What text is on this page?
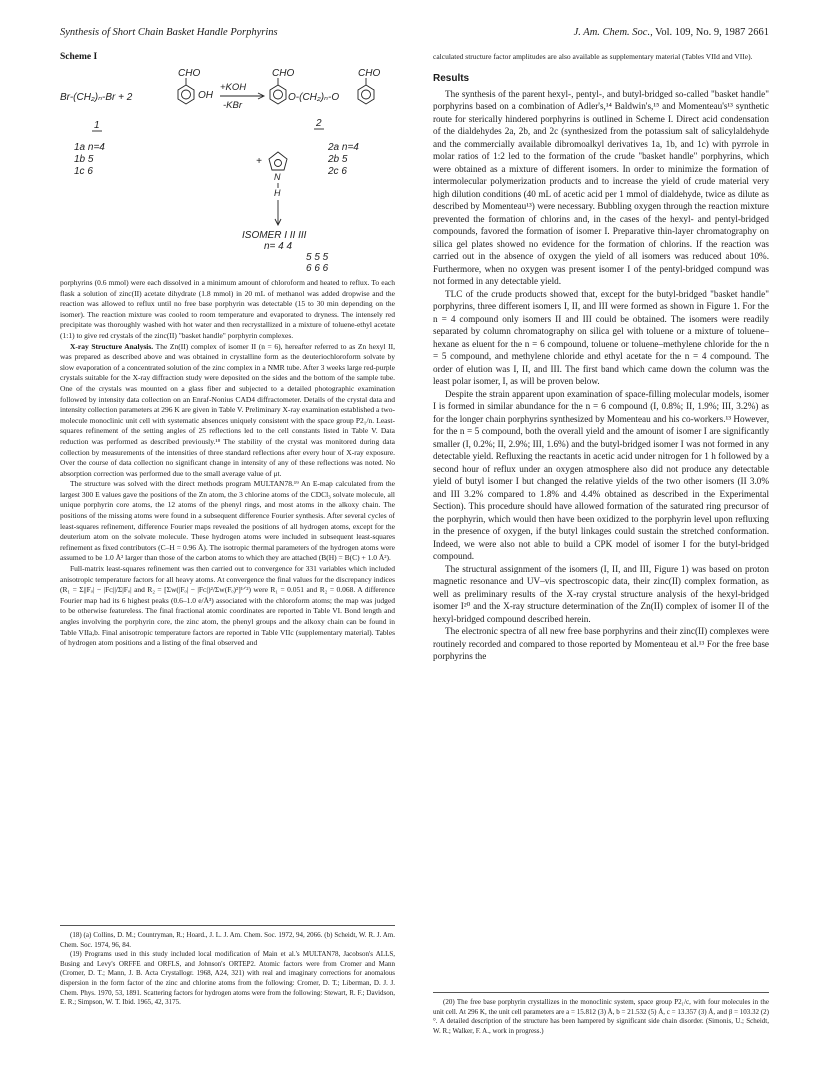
Synthesis of Short Chain Basket Handle Porphyrins	J. Am. Chem. Soc., Vol. 109, No. 9, 1987 2661
Scheme I
CHO	CHO	CHO
Br-(CH₂)ₙ-Br + 2	OH
+KOH
-KBr
O-(CH₂)ₙ-O
1	2
1a n=4
1b 5
1c 6
2a n=4
2b 5
2c 6
+
N
H
ISOMER I II III
n= 4 4
5 5 5
6 6 6

porphyrins (0.6 mmol) were each dissolved in a minimum amount of chloroform and heated to reflux. To each flask a solution of zinc(II) acetate dihydrate (1.8 mmol) in 20 mL of methanol was added dropwise and the reaction was allowed to reflux until no free base porphyrin was detectable (15 to 30 min depending on the isomer). The reaction mixture was cooled to room temperature and evaporated to dryness. The intensely red precipitate was thoroughly washed with hot water and then recrystallized in a mixture of toluene-ethyl acetate (1:1) to give red crystals of the zinc(II) "basket handle" porphyrin complexes.

X-ray Structure Analysis. The Zn(II) complex of isomer II (n = 6), hereafter referred to as Zn hexyl II, was prepared as described above and was obtained in crystalline form as the deuteriochloroform solvate by slow evaporation of a concentrated solution of the zinc complex in a NMR tube. After 3 weeks large red-purple crystals suitable for the X-ray diffraction study were deposited on the sides and the bottom of the sample tube. One of the crystals was mounted on a glass fiber and subjected to a detailed photographic examination followed by intensity data collection on an Enraf-Nonius CAD4 diffractometer. Details of the crystal data and intensity collection parameters at 296 K are given in Table V. Preliminary X-ray examination established a two-molecule monoclinic unit cell with systematic absences uniquely consistent with the space group P2₁/n. Least-squares refinement of the setting angles of 25 reflections led to the cell constants listed in Table V. Data reduction was performed as described previously.¹⁸ The stability of the crystal was monitored during data collection by measurements of the intensities of three standard reflections after every hour of X-ray exposure. Over the course of data collection no significant change in intensity of any of these reflections was noted. No absorption correction was performed due to the small average value of μt.

The structure was solved with the direct methods program MULTAN78.¹⁹ An E-map calculated from the largest 300 E values gave the positions of the Zn atom, the 3 chlorine atoms of the CDCl₃ solvate molecule, all unique porphyrin core atoms, the 12 atoms of the phenyl rings, and most atoms in the alkoxy chain. The positions of the missing atoms were found in a subsequent difference Fourier synthesis. After several cycles of least-squares refinement, difference Fourier maps revealed the positions of all hydrogen atoms, except for the deuterium atom on the solvate molecule. These hydrogen atoms were included in subsequent least-squares refinement as fixed contributors (C–H = 0.96 Å). The isotropic thermal parameters of the hydrogen atoms were assumed to be 1.0 Å² larger than those of the carbon atoms to which they are attached (B(H) = B(C) + 1.0 Å²).

Full-matrix least-squares refinement was then carried out to convergence for 331 variables which included anisotropic temperature factors for all heavy atoms. At convergence the final values for the discrepancy indices (R₁ = Σ||Fₒ| − |Fᴄ||/Σ|Fₒ| and R₂ = [Σw(|Fₒ| − |Fᴄ|)²/Σw(Fₒ)²]¹ᐟ²) were R₁ = 0.051 and R₂ = 0.068. A difference Fourier map had its 6 highest peaks (0.6–1.0 e/Å³) associated with the chloroform atoms; the map was judged to be otherwise featureless. The final fractional atomic coordinates are reported in Table VI. Bond length and angles involving the porphyrin core, the zinc atom, the phenyl groups and the alkoxy chain can be found in Table VIIa,b. Final anisotropic temperature factors are reported in Table VIIc (supplementary material). Tables of hydrogen atom positions and a listing of the final observed and

(18) (a) Collins, D. M.; Countryman, R.; Hoard., J. L. J. Am. Chem. Soc. 1972, 94, 2066. (b) Scheidt, W. R. J. Am. Chem. Soc. 1974, 96, 84.

(19) Programs used in this study included local modification of Main et al.'s MULTAN78, Jacobson's ALLS, Busing and Levy's ORFFE and ORFLS, and Johnson's ORTEP2. Atomic factors were from Cromer and Mann (Cromer, D. T.; Mann, J. B. Acta Crystallogr. 1968, A24, 321) with real and imaginary corrections for anomalous dispersion in the form factor of the zinc and chlorine atoms from the following: Cromer, D. T.; Liberman, D. J. J. Chem. Phys. 1970, 53, 1891. Scattering factors for hydrogen atoms were from the following: Stewart, R. F.; Davidson, E. R.; Simpson, W. T. Ibid. 1965, 42, 3175.

calculated structure factor amplitudes are also available as supplementary material (Tables VIId and VIIe).

Results

The synthesis of the parent hexyl-, pentyl-, and butyl-bridged so-called "basket handle" porphyrins based on a combination of Adler's,¹⁴ Baldwin's,¹⁵ and Momenteau's¹³ synthetic route for sterically hindered porphyrins is outlined in Scheme I. Direct acid condensation of the dialdehydes 2a, 2b, and 2c (synthesized from the potassium salt of salicylaldehyde and the commercially available dibromoalkyl derivatives 1a, 1b, and 1c) with pyrrole in molar ratios of 1:2 led to the formation of the crude "basket handle" porphyrins, which were obtained as a mixture of different isomers. In order to minimize the formation of intermolecular polymerization products and to increase the yield of crude material very high dilution conditions (40 mL of acetic acid per 1 mmol of dialdehyde, twice as dilute as described by Momenteau¹³) were necessary. Bubbling oxygen through the reaction mixture prevented the formation of chlorins and, in the cases of the hexyl- and pentyl-bridged compounds, favored the formation of isomer I. Preparative thin-layer chromatography on silica gel plates showed no evidence for the formation of chlorins. If the reaction was carried out in the absence of oxygen the yield of all isomers was reduced about 10%. Furthermore, when no oxygen was present isomer I of the pentyl-bridged compund was not formed in any detectable yield.

TLC of the crude products showed that, except for the butyl-bridged "basket handle" porphyrins, three different isomers I, II, and III were formed as shown in Figure 1. For the n = 4 compound only isomers II and III could be obtained. The isomers were readily separated by column chromatography on silica gel with toluene or a mixture of toluene–hexane as eluent for the n = 6 compound, toluene or toluene–methylene chloride for the n = 5 compound, and methylene chloride and ethyl acetate for the n = 4 compound. The order of elution was I, II, and III. The first band which came down the column was the least polar isomer, I, as will be proven below.

Despite the strain apparent upon examination of space-filling molecular models, isomer I is formed in similar abundance for the n = 6 compound (I, 0.8%; II, 1.9%; III, 3.2%) as for the longer chain porphyrins synthesized by Momenteau and his co-workers.¹³ However, for the n = 5 compound, both the overall yield and the amount of isomer I are significantly smaller (I, 0.2%; II, 2.9%; III, 1.6%) and the butyl-bridged isomer I was not formed in any detectable yield. Refluxing the reactants in acetic acid under nitrogen for 1 h followed by a second hour of reflux under an oxygen atmosphere also did not produce any detectable yield of butyl isomer I but changed the relative yields of the two other isomers (II 3.0% and III 3.2% compared to 1.8% and 4.4% obtained as described in the Experimental Section). This procedure should have allowed formation of the saturated ring precursor of the porphyrin, which would then have been oxidized to the porphyrin level upon refluxing in the presence of oxygen, if the butyl linkages could sustain the stretched conformation. Indeed, we were also not able to build a CPK model of isomer I for the butyl-bridged compound.

The structural assignment of the isomers (I, II, and III, Figure 1) was based on proton magnetic resonance and UV–vis spectroscopic data, their zinc(II) complex formation, as well as preliminary results of the X-ray crystal structure analysis of the hexyl-bridged isomer I²⁰ and the X-ray structure determination of the Zn(II) complex of isomer II of the hexyl-bridged compound described herein.

The electronic spectra of all new free base porphyrins and their zinc(II) complexes were routinely recorded and compared to those reported by Momenteau et al.¹³ For the free base porphyrins the

(20) The free base porphyrin crystallizes in the monoclinic system, space group P2₁/c, with four molecules in the unit cell. At 296 K, the unit cell parameters are a = 15.812 (3) Å, b = 21.532 (5) Å, c = 13.357 (3) Å, and β = 103.32 (2)°. A detailed description of the structure has been hampered by significant side chain disorder. (Simonis, U.; Scheidt, W. R.; Walker, F. A., work in progress.)
